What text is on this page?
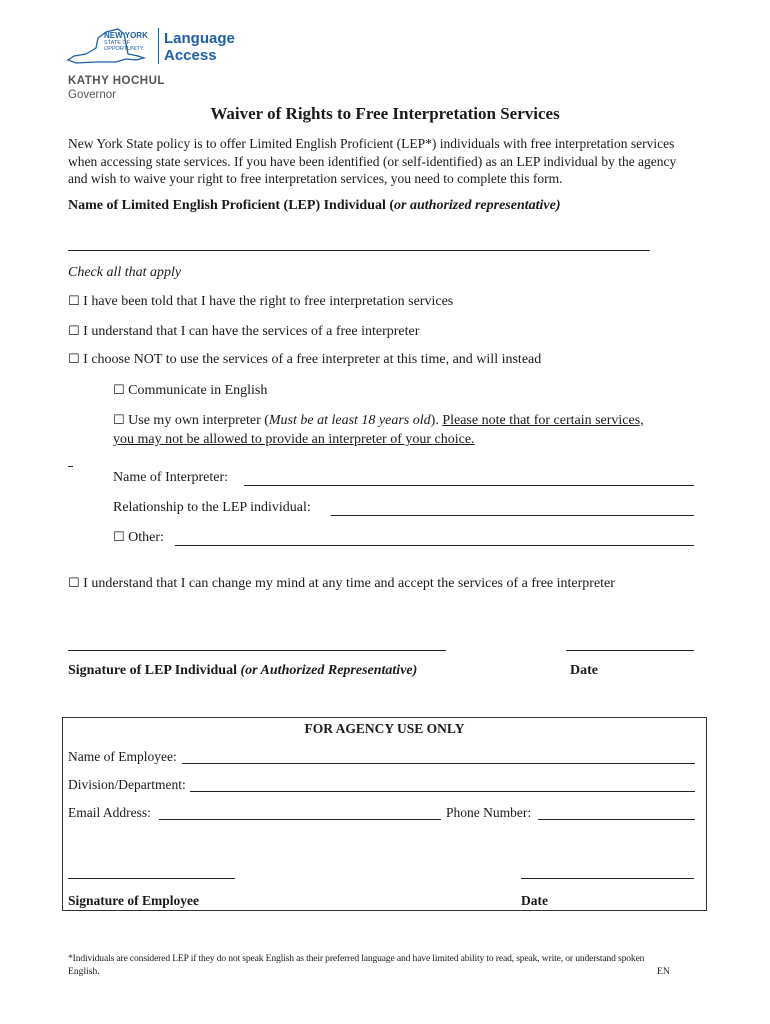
NEW YORK
STATE OF
OPPORTUNITY.
Language
Access
KATHY HOCHUL
Governor
Waiver of Rights to Free Interpretation Services
New York State policy is to offer Limited English Proficient (LEP*) individuals with free interpretation services
when accessing state services. If you have been identified (or self-identified) as an LEP individual by the agency
and wish to waive your right to free interpretation services, you need to complete this form.
Name of Limited English Proficient (LEP) Individual (or authorized representative)
Check all that apply
☐ I have been told that I have the right to free interpretation services
☐ I understand that I can have the services of a free interpreter
☐ I choose NOT to use the services of a free interpreter at this time, and will instead
☐ Communicate in English
☐ Use my own interpreter (Must be at least 18 years old). Please note that for certain services,
you may not be allowed to provide an interpreter of your choice.
Name of Interpreter:
Relationship to the LEP individual:
☐ Other:
☐ I understand that I can change my mind at any time and accept the services of a free interpreter
Signature of LEP Individual (or Authorized Representative)	Date
FOR AGENCY USE ONLY
Name of Employee:
Division/Department:
Email Address:	Phone Number:
Signature of Employee	Date
*Individuals are considered LEP if they do not speak English as their preferred language and have limited ability to read, speak, write, or understand spoken
English.	EN
